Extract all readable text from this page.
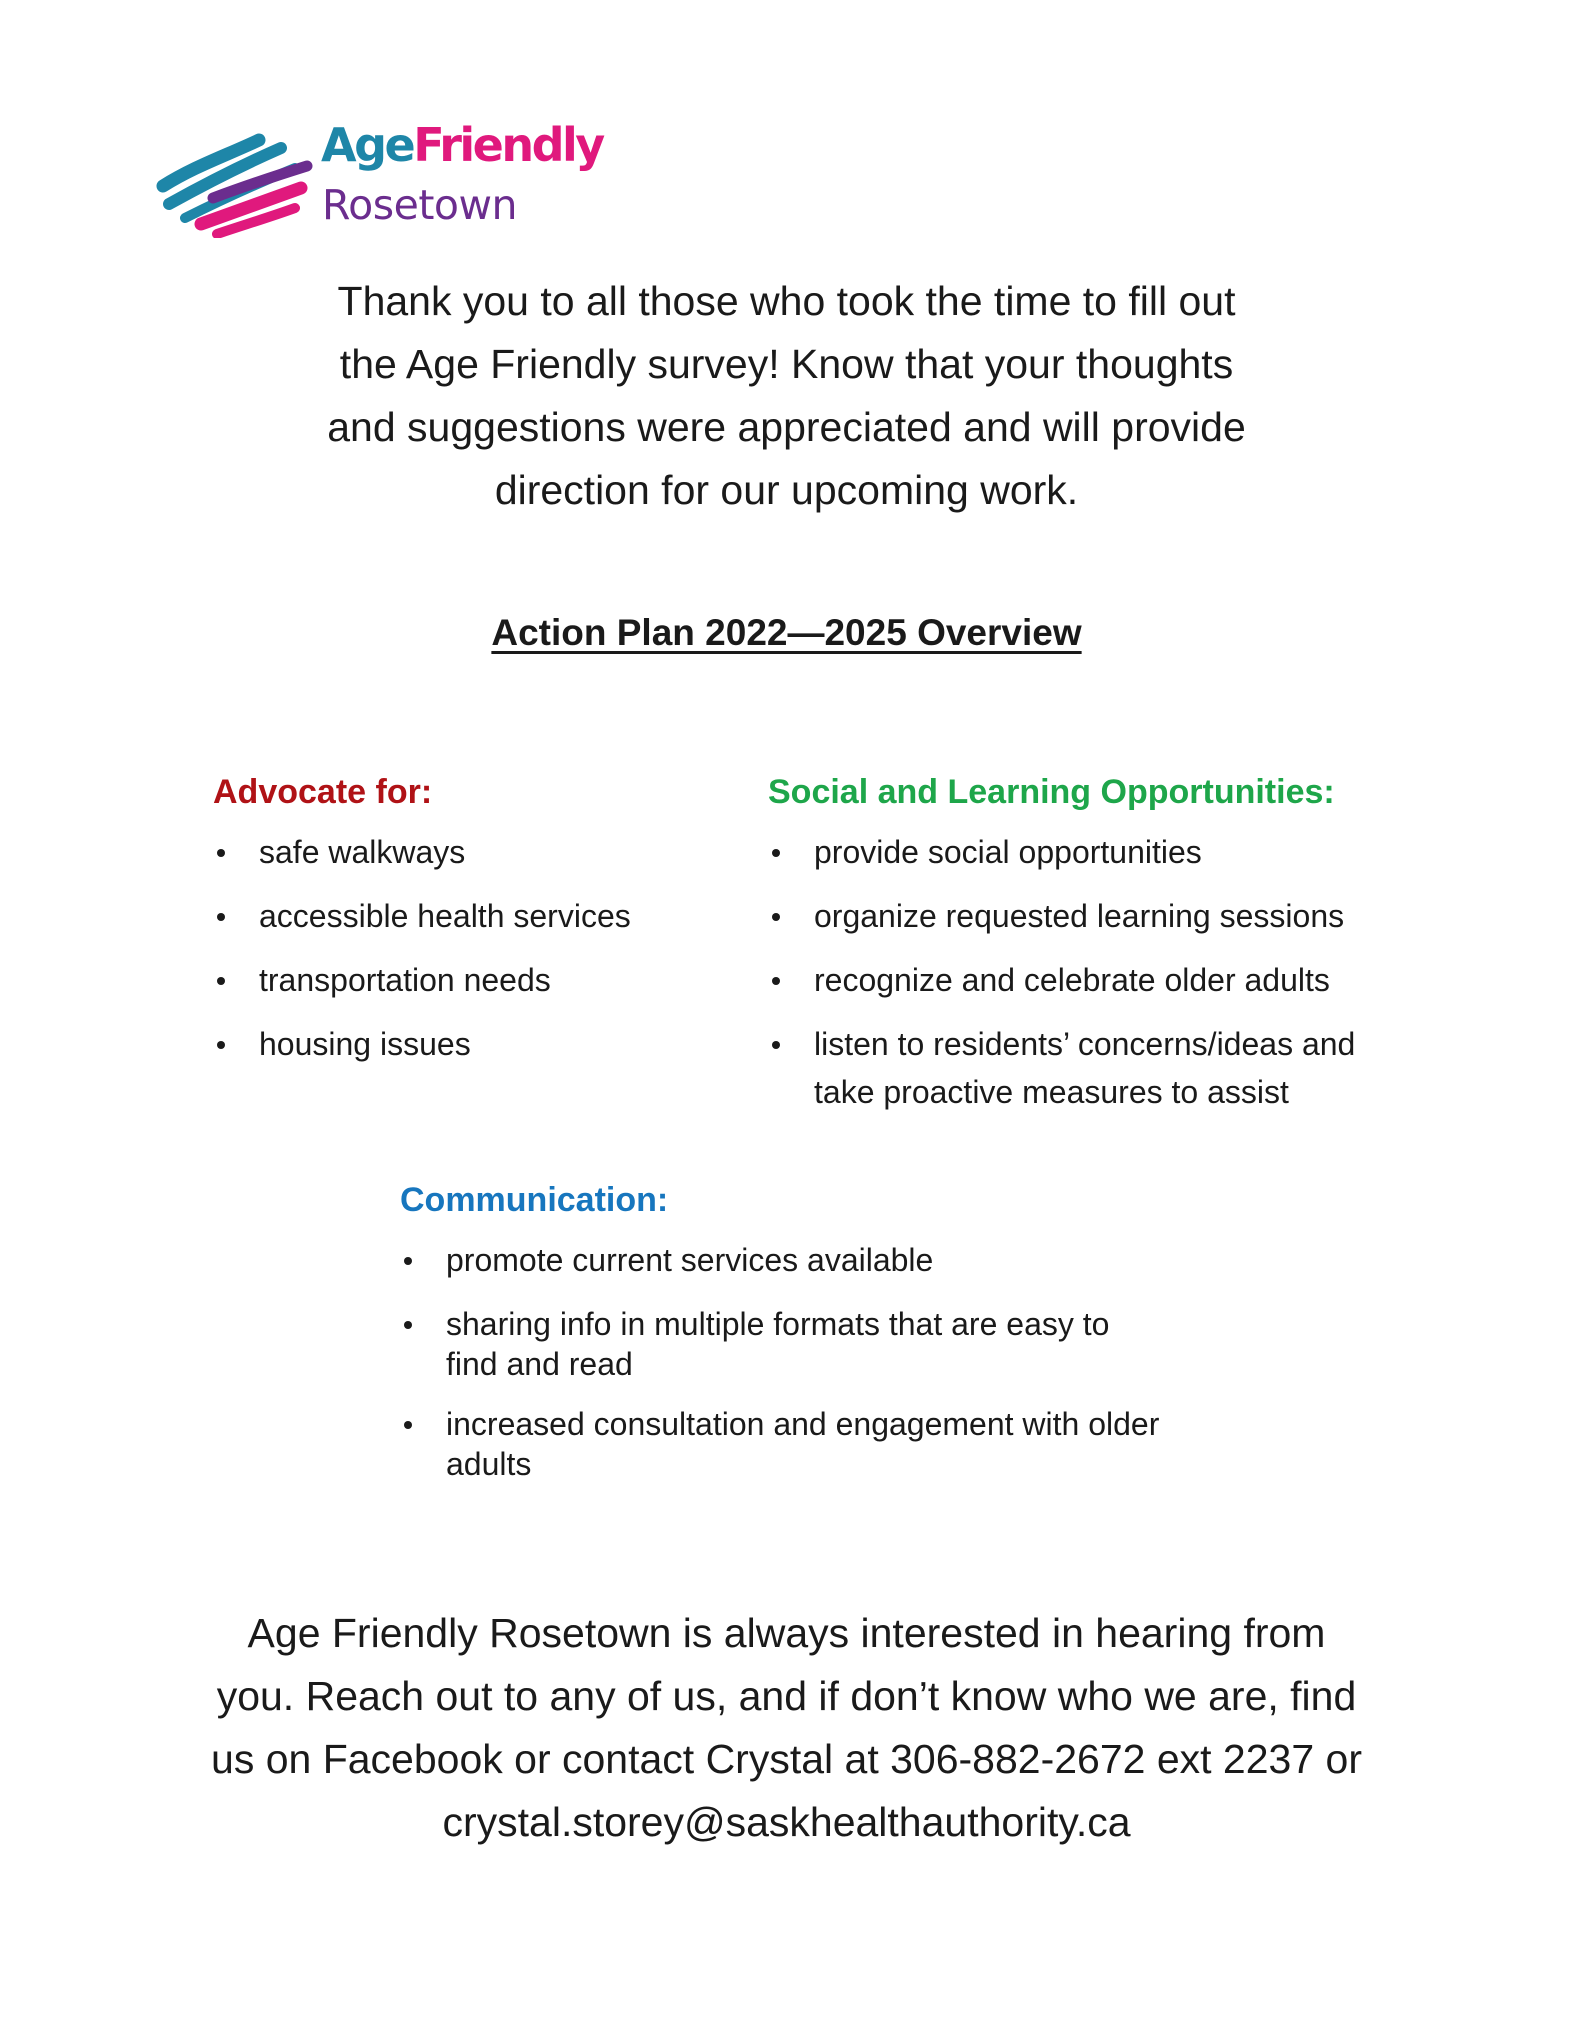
AgeFriendly
Rosetown

Thank you to all those who took the time to fill out
the Age Friendly survey! Know that your thoughts
and suggestions were appreciated and will provide
direction for our upcoming work.

Action Plan 2022—2025 Overview
Advocate for:
safe walkways
accessible health services
transportation needs
housing issues
Social and Learning Opportunities:
provide social opportunities
organize requested learning sessions
recognize and celebrate older adults
listen to residents’ concerns/ideas and take proactive measures to assist
Communication:
promote current services available
sharing info in multiple formats that are easy to find and read
increased consultation and engagement with older adults

Age Friendly Rosetown is always interested in hearing from
you. Reach out to any of us, and if don’t know who we are, find
us on Facebook or contact Crystal at 306-882-2672 ext 2237 or
crystal.storey@saskhealthauthority.ca
